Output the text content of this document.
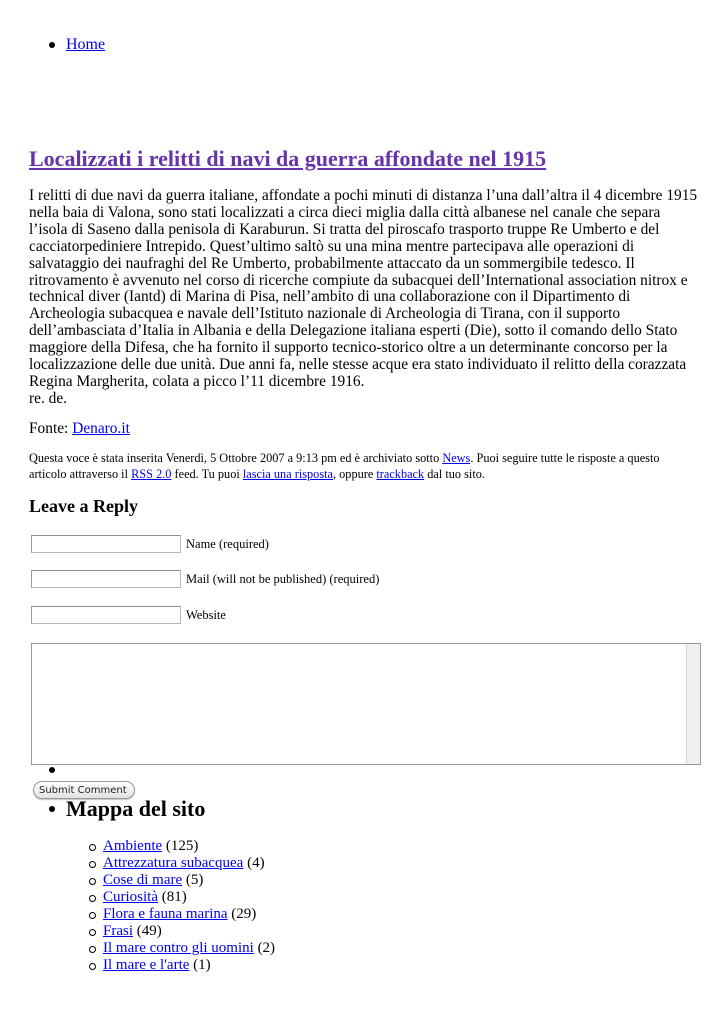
Home
Localizzati i relitti di navi da guerra affondate nel 1915

I relitti di due navi da guerra italiane, affondate a pochi minuti di distanza l’una dall’altra il 4 dicembre 1915 nella baia di Valona, sono stati localizzati a circa dieci miglia dalla città albanese nel canale che separa l’isola di Saseno dalla penisola di Karaburun. Si tratta del piroscafo trasporto truppe Re Umberto e del cacciatorpediniere Intrepido. Quest’ultimo saltò su una mina mentre partecipava alle operazioni di salvataggio dei naufraghi del Re Umberto, probabilmente attaccato da un sommergibile tedesco. Il ritrovamento è avvenuto nel corso di ricerche compiute da subacquei dell’International association nitrox e technical diver (Iantd) di Marina di Pisa, nell’ambito di una collaborazione con il Dipartimento di Archeologia subacquea e navale dell’Istituto nazionale di Archeologia di Tirana, con il supporto dell’ambasciata d’Italia in Albania e della Delegazione italiana esperti (Die), sotto il comando dello Stato maggiore della Difesa, che ha fornito il supporto tecnico-storico oltre a un determinante concorso per la localizzazione delle due unità. Due anni fa, nelle stesse acque era stato individuato il relitto della corazzata Regina Margherita, colata a picco l’11 dicembre 1916.

re. de.

Fonte: Denaro.it
Questa voce è stata inserita Venerdì, 5 Ottobre 2007 a 9:13 pm ed è archiviato sotto News. Puoi seguire tutte le risposte a questo articolo attraverso il RSS 2.0 feed. Tu puoi lascia una risposta, oppure trackback dal tuo sito.
Leave a Reply
Name (required)
Mail (will not be published) (required)
Website
Submit Comment
Mappa del sito
Ambiente (125)
Attrezzatura subacquea (4)
Cose di mare (5)
Curiosità (81)
Flora e fauna marina (29)
Frasi (49)
Il mare contro gli uomini (2)
Il mare e l'arte (1)
